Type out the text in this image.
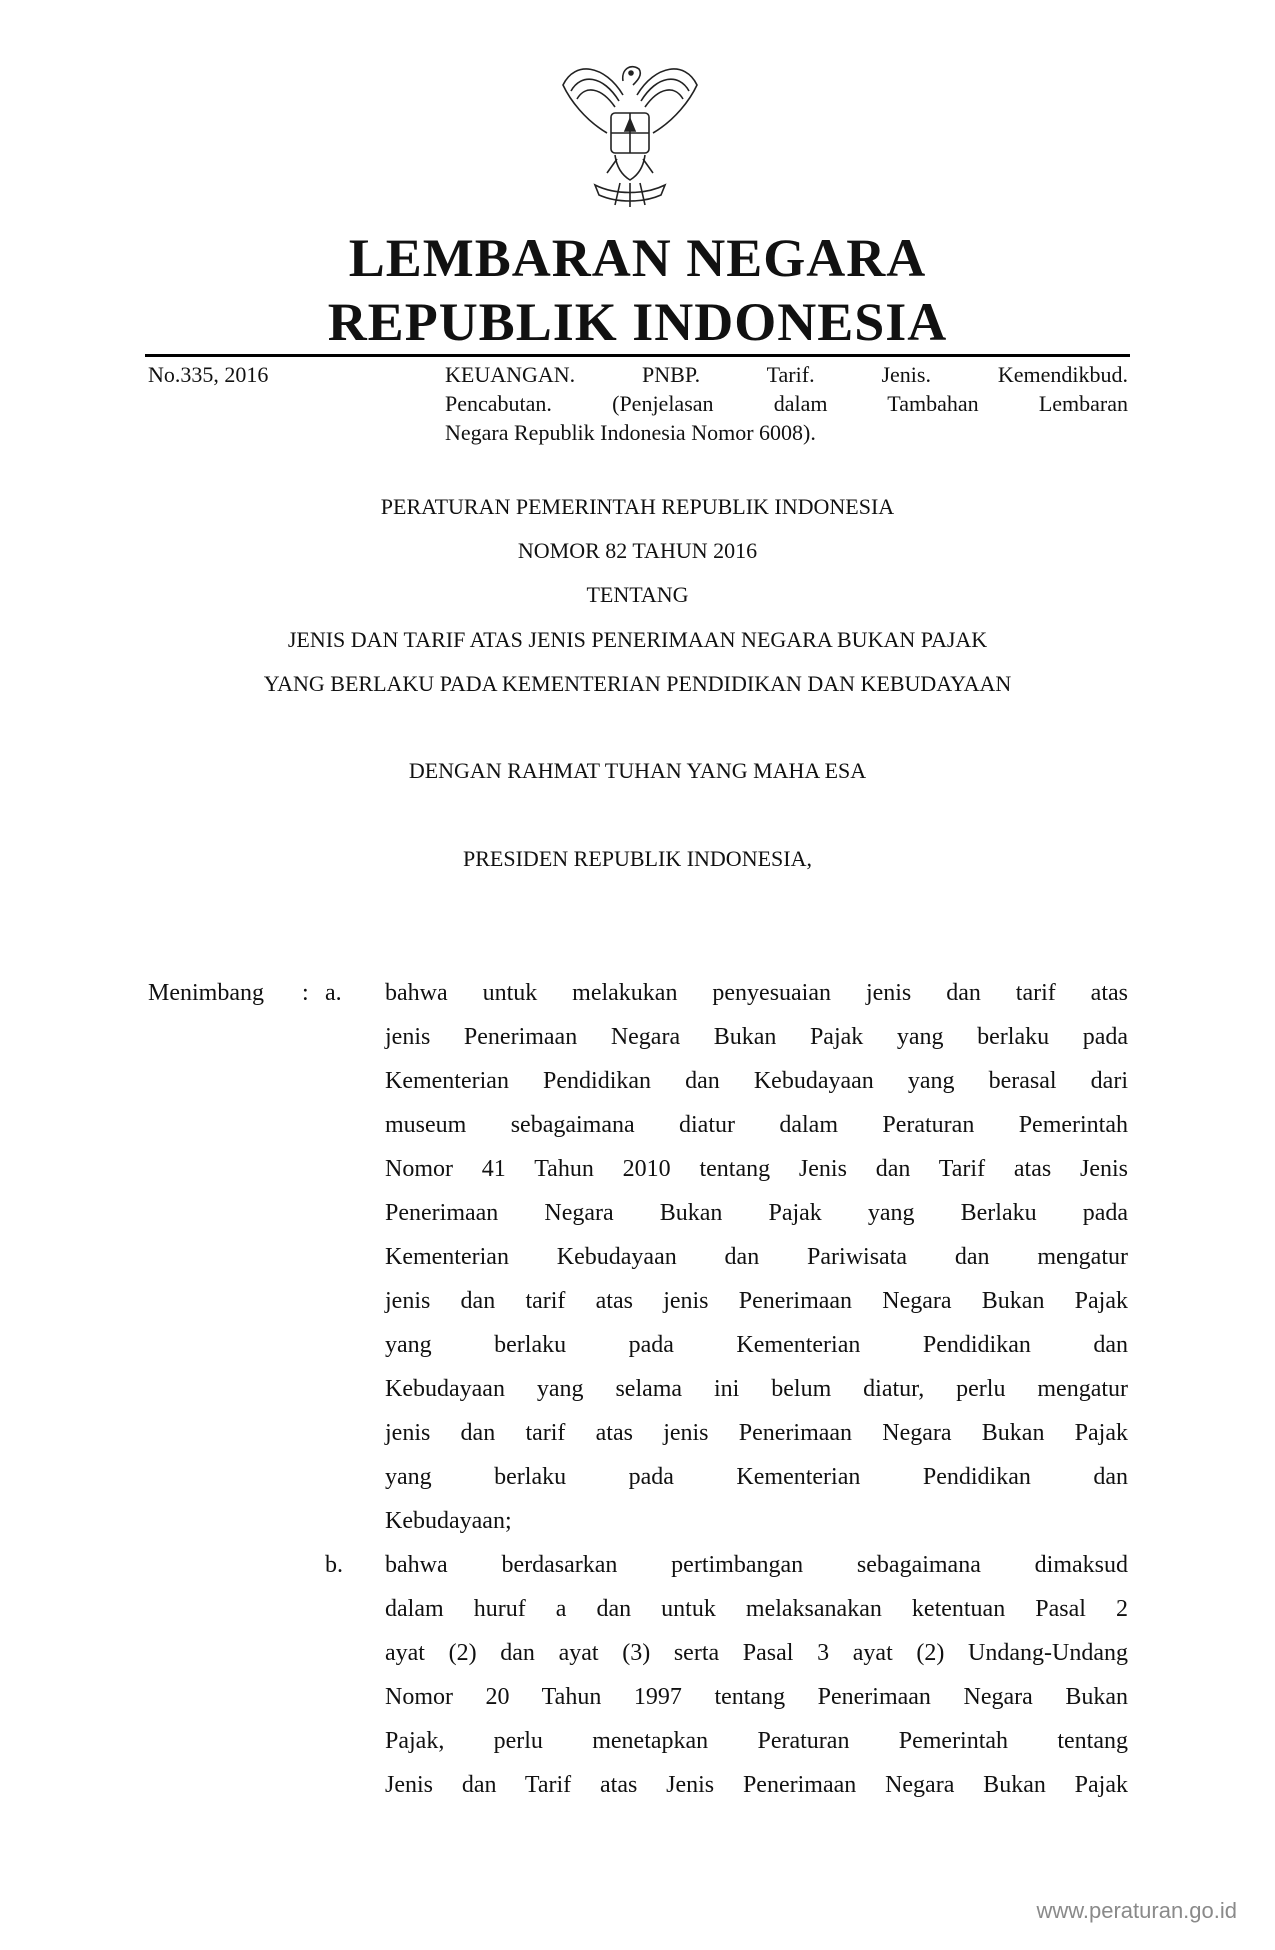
LEMBARAN NEGARA
REPUBLIK INDONESIA
No.335, 2016	KEUANGAN. PNBP. Tarif. Jenis. Kemendikbud.
Pencabutan. (Penjelasan dalam Tambahan Lembaran
Negara Republik Indonesia Nomor 6008).
PERATURAN PEMERINTAH REPUBLIK INDONESIA
NOMOR 82 TAHUN 2016
TENTANG
JENIS DAN TARIF ATAS JENIS PENERIMAAN NEGARA BUKAN PAJAK
YANG BERLAKU PADA KEMENTERIAN PENDIDIKAN DAN KEBUDAYAAN
DENGAN RAHMAT TUHAN YANG MAHA ESA
PRESIDEN REPUBLIK INDONESIA,
Menimbang : a. bahwa untuk melakukan penyesuaian jenis dan tarif atas
jenis Penerimaan Negara Bukan Pajak yang berlaku pada
Kementerian Pendidikan dan Kebudayaan yang berasal dari
museum sebagaimana diatur dalam Peraturan Pemerintah
Nomor 41 Tahun 2010 tentang Jenis dan Tarif atas Jenis
Penerimaan Negara Bukan Pajak yang Berlaku pada
Kementerian Kebudayaan dan Pariwisata dan mengatur
jenis dan tarif atas jenis Penerimaan Negara Bukan Pajak
yang berlaku pada Kementerian Pendidikan dan
Kebudayaan yang selama ini belum diatur, perlu mengatur
jenis dan tarif atas jenis Penerimaan Negara Bukan Pajak
yang berlaku pada Kementerian Pendidikan dan
Kebudayaan;
b. bahwa berdasarkan pertimbangan sebagaimana dimaksud
dalam huruf a dan untuk melaksanakan ketentuan Pasal 2
ayat (2) dan ayat (3) serta Pasal 3 ayat (2) Undang-Undang
Nomor 20 Tahun 1997 tentang Penerimaan Negara Bukan
Pajak, perlu menetapkan Peraturan Pemerintah tentang
Jenis dan Tarif atas Jenis Penerimaan Negara Bukan Pajak
www.peraturan.go.id
